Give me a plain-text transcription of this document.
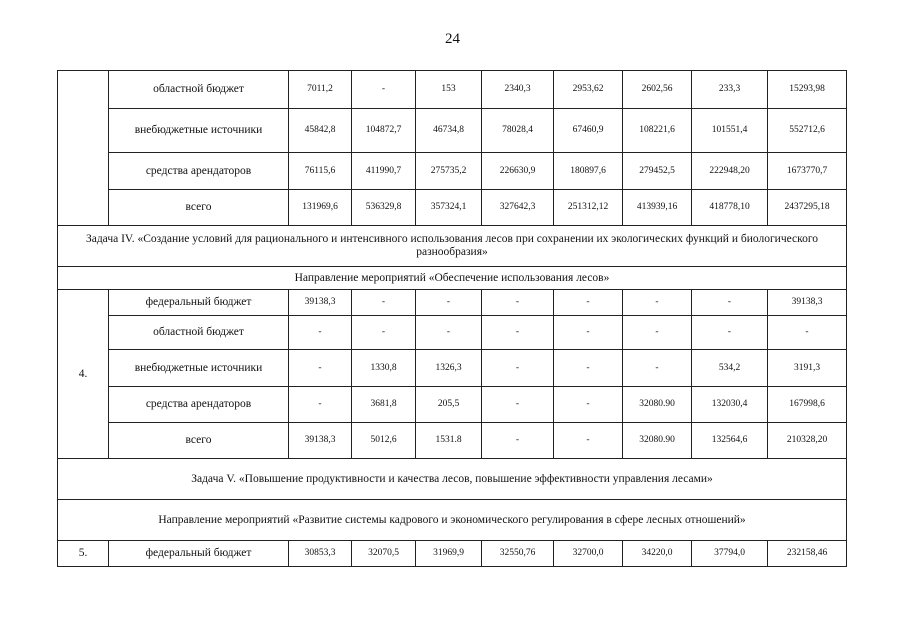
24
	областной бюджет	7011,2	-	153	2340,3	2953,62	2602,56	233,3	15293,98
	внебюджетные источники	45842,8	104872,7	46734,8	78028,4	67460,9	108221,6	101551,4	552712,6
	средства арендаторов	76115,6	411990,7	275735,2	226630,9	180897,6	279452,5	222948,20	1673770,7
	всего	131969,6	536329,8	357324,1	327642,3	251312,12	413939,16	418778,10	2437295,18
Задача IV. «Создание условий для рационального и интенсивного использования лесов при сохранении их экологических функций и биологического разнообразия»									
Направление мероприятий «Обеспечение использования лесов»									
4.	федеральный бюджет	39138,3	-	-	-	-	-	-	39138,3
	областной бюджет	-	-	-	-	-	-	-	-
	внебюджетные источники	-	1330,8	1326,3	-	-	-	534,2	3191,3
	средства арендаторов	-	3681,8	205,5	-	-	32080.90	132030,4	167998,6
	всего	39138,3	5012,6	1531.8	-	-	32080.90	132564,6	210328,20
Задача V. «Повышение продуктивности и качества лесов, повышение эффективности управления лесами»									
Направление мероприятий «Развитие системы кадрового и экономического регулирования в сфере лесных отношений»									
5.	федеральный бюджет	30853,3	32070,5	31969,9	32550,76	32700,0	34220,0	37794,0	232158,46
